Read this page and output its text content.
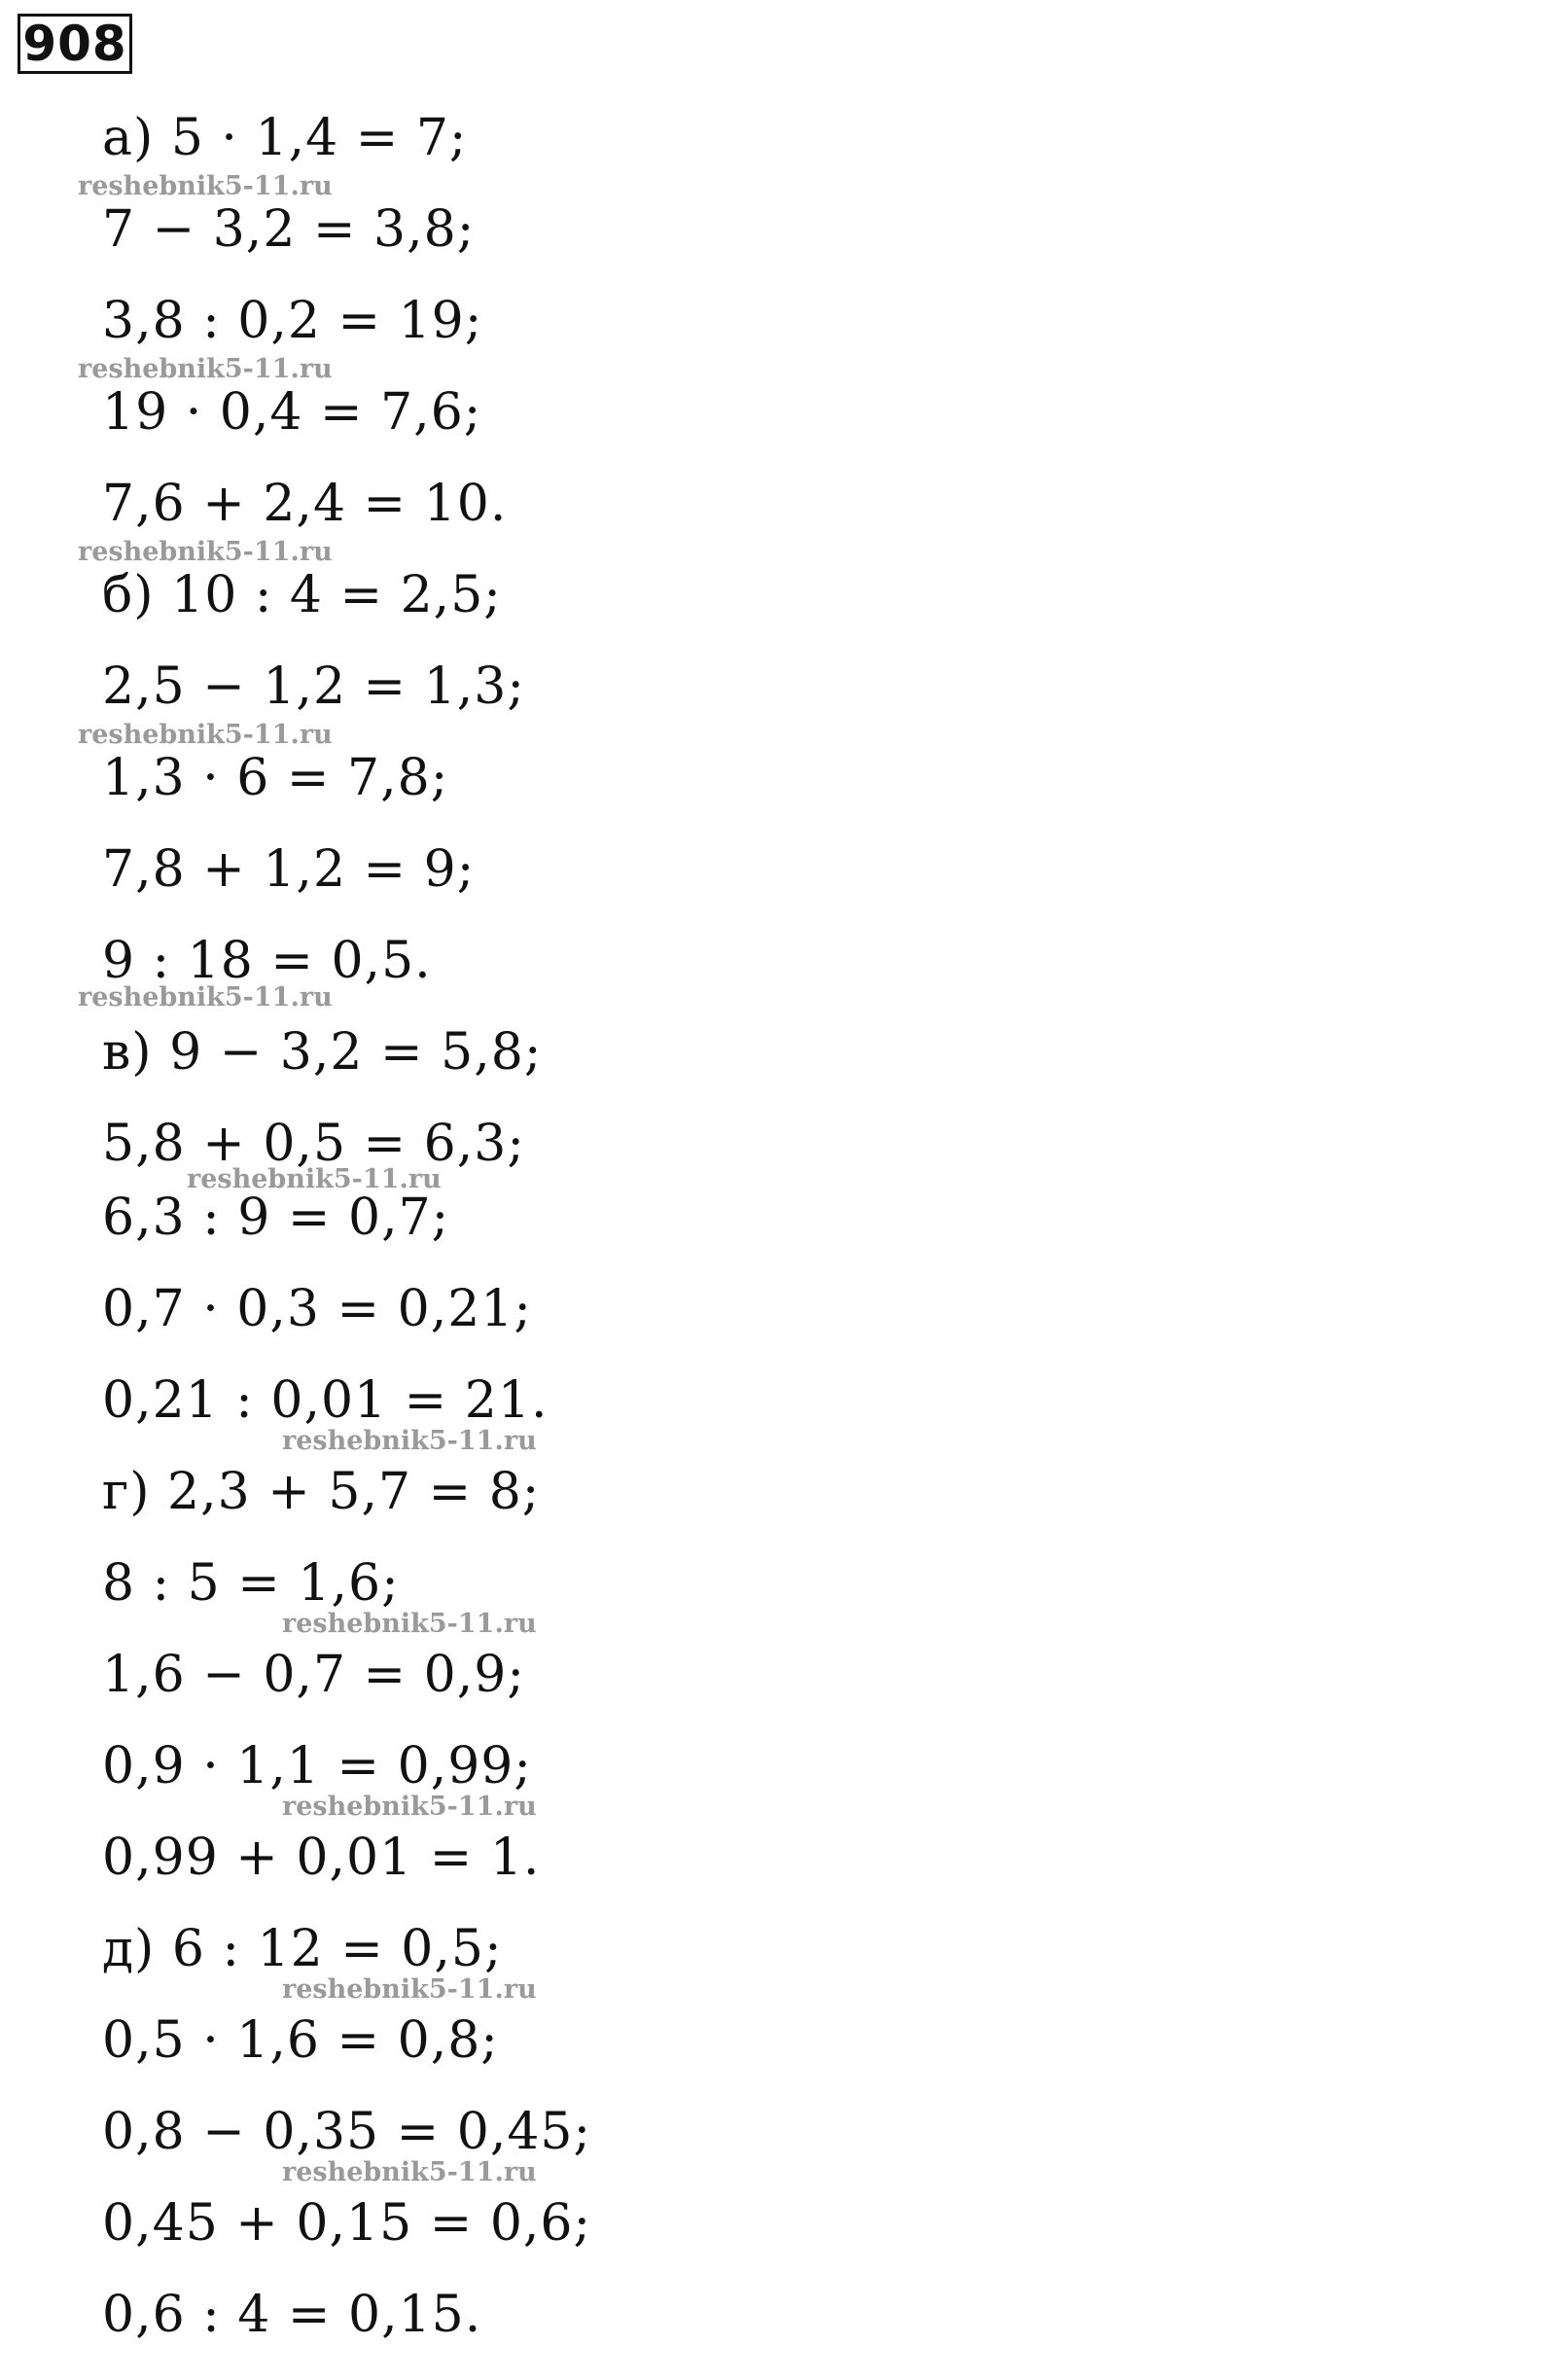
908
а) 5 · 1,4 = 7;
7 − 3,2 = 3,8;
3,8 : 0,2 = 19;
19 · 0,4 = 7,6;
7,6 + 2,4 = 10.
б) 10 : 4 = 2,5;
2,5 − 1,2 = 1,3;
1,3 · 6 = 7,8;
7,8 + 1,2 = 9;
9 : 18 = 0,5.
в) 9 − 3,2 = 5,8;
5,8 + 0,5 = 6,3;
6,3 : 9 = 0,7;
0,7 · 0,3 = 0,21;
0,21 : 0,01 = 21.
г) 2,3 + 5,7 = 8;
8 : 5 = 1,6;
1,6 − 0,7 = 0,9;
0,9 · 1,1 = 0,99;
0,99 + 0,01 = 1.
д) 6 : 12 = 0,5;
0,5 · 1,6 = 0,8;
0,8 − 0,35 = 0,45;
0,45 + 0,15 = 0,6;
0,6 : 4 = 0,15.
reshebnik5-11.ru
reshebnik5-11.ru
reshebnik5-11.ru
reshebnik5-11.ru
reshebnik5-11.ru
reshebnik5-11.ru
reshebnik5-11.ru
reshebnik5-11.ru
reshebnik5-11.ru
reshebnik5-11.ru
reshebnik5-11.ru
